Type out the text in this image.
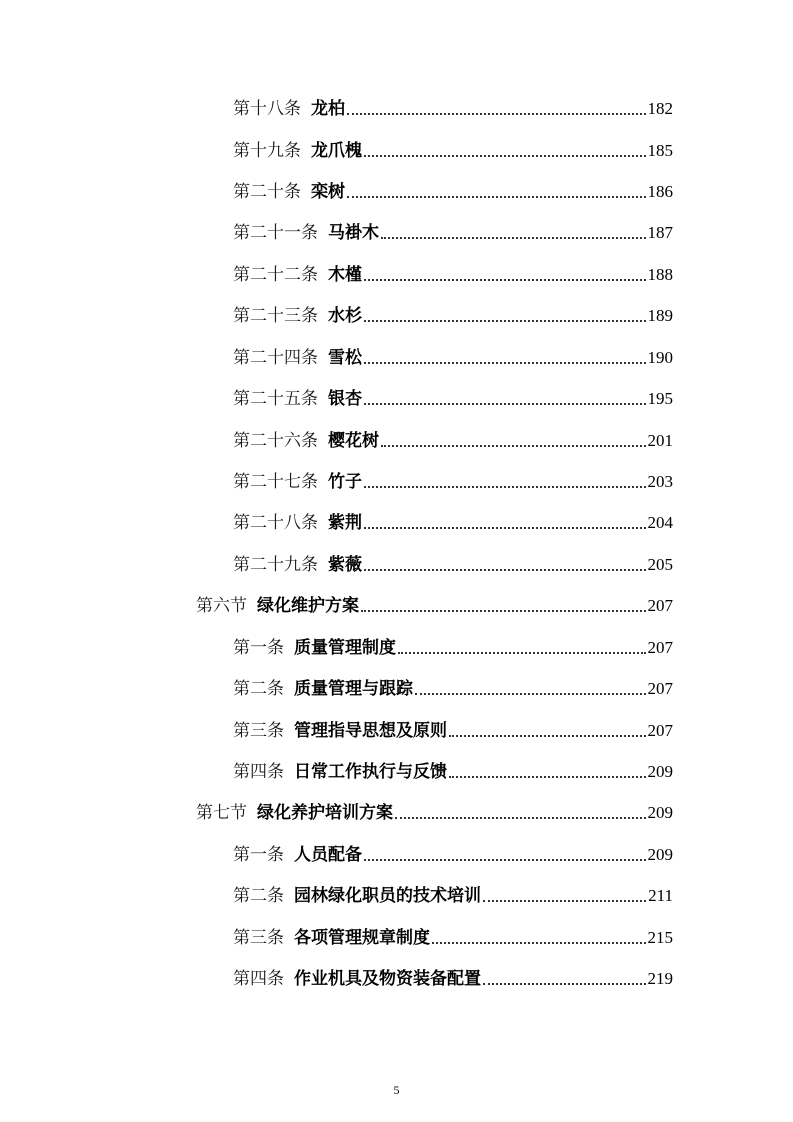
第十八条 龙柏	182
第十九条 龙爪槐	185
第二十条 栾树	186
第二十一条 马褂木	187
第二十二条 木槿	188
第二十三条 水杉	189
第二十四条 雪松	190
第二十五条 银杏	195
第二十六条 樱花树	201
第二十七条 竹子	203
第二十八条 紫荆	204
第二十九条 紫薇	205
第六节 绿化维护方案	207
第一条 质量管理制度	207
第二条 质量管理与跟踪	207
第三条 管理指导思想及原则	207
第四条 日常工作执行与反馈	209
第七节 绿化养护培训方案	209
第一条 人员配备	209
第二条 园林绿化职员的技术培训	211
第三条 各项管理规章制度	215
第四条 作业机具及物资装备配置	219
5
